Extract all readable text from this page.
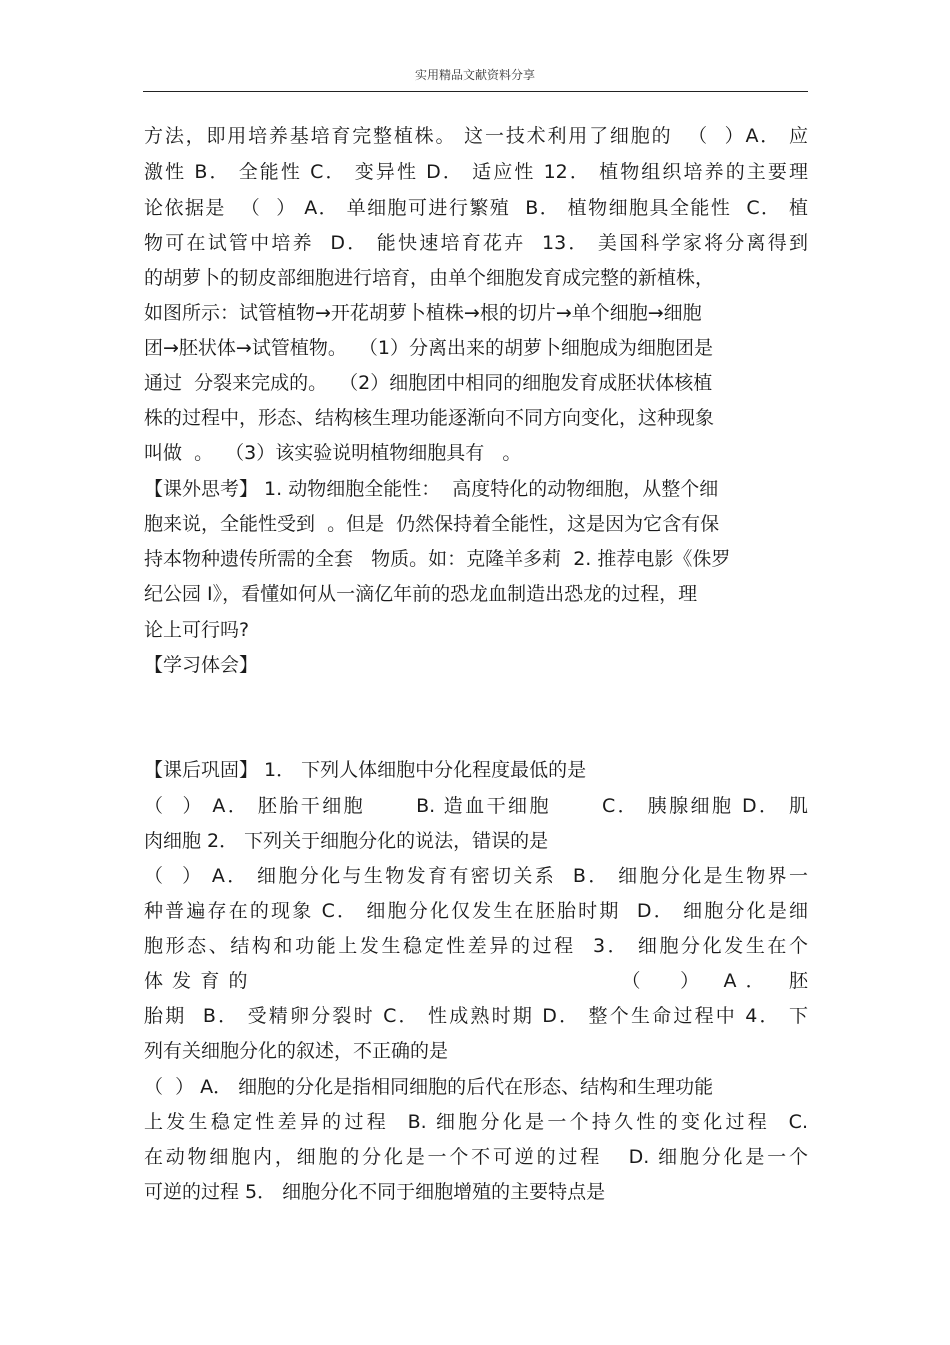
实用精品文献资料分享
方法，即用培养基培育完整植株。 这一技术利用了细胞的  （  ）A． 应
激性 B． 全能性 C． 变异性 D． 适应性 12． 植物组织培养的主要理
论依据是  （  ） A． 单细胞可进行繁殖  B． 植物细胞具全能性  C． 植
物可在试管中培养  D． 能快速培育花卉  13． 美国科学家将分离得到
的胡萝卜的韧皮部细胞进行培育，由单个细胞发育成完整的新植株，
如图所示：试管植物→开花胡萝卜植株→根的切片→单个细胞→细胞
团→胚状体→试管植物。  （1）分离出来的胡萝卜细胞成为细胞团是
通过  分裂来完成的。  （2）细胞团中相同的细胞发育成胚状体核植
株的过程中，形态、结构核生理功能逐渐向不同方向变化，这种现象
叫做  。  （3）该实验说明植物细胞具有   。
【课外思考】 1. 动物细胞全能性：  高度特化的动物细胞，从整个细
胞来说，全能性受到  。但是  仍然保持着全能性，这是因为它含有保
持本物种遗传所需的全套   物质。如：克隆羊多莉  2. 推荐电影《侏罗
纪公园 Ⅰ》，看懂如何从一滴亿年前的恐龙血制造出恐龙的过程，理
论上可行吗?
【学习体会】
【课后巩固】 1． 下列人体细胞中分化程度最低的是
（  ） A． 胚胎干细胞      B. 造血干细胞      C． 胰腺细胞 D． 肌
肉细胞 2． 下列关于细胞分化的说法，错误的是
（  ） A． 细胞分化与生物发育有密切关系  B． 细胞分化是生物界一
种普遍存在的现象 C． 细胞分化仅发生在胚胎时期  D． 细胞分化是细
胞形态、结构和功能上发生稳定性差异的过程  3． 细胞分化发生在个
体发育的                        （  ） A． 胚
胎期  B． 受精卵分裂时 C． 性成熟时期 D． 整个生命过程中 4． 下
列有关细胞分化的叙述，不正确的是
（  ） A． 细胞的分化是指相同细胞的后代在形态、结构和生理功能
上发生稳定性差异的过程  B. 细胞分化是一个持久性的变化过程  C.
在动物细胞内，细胞的分化是一个不可逆的过程   D. 细胞分化是一个
可逆的过程 5． 细胞分化不同于细胞增殖的主要特点是
